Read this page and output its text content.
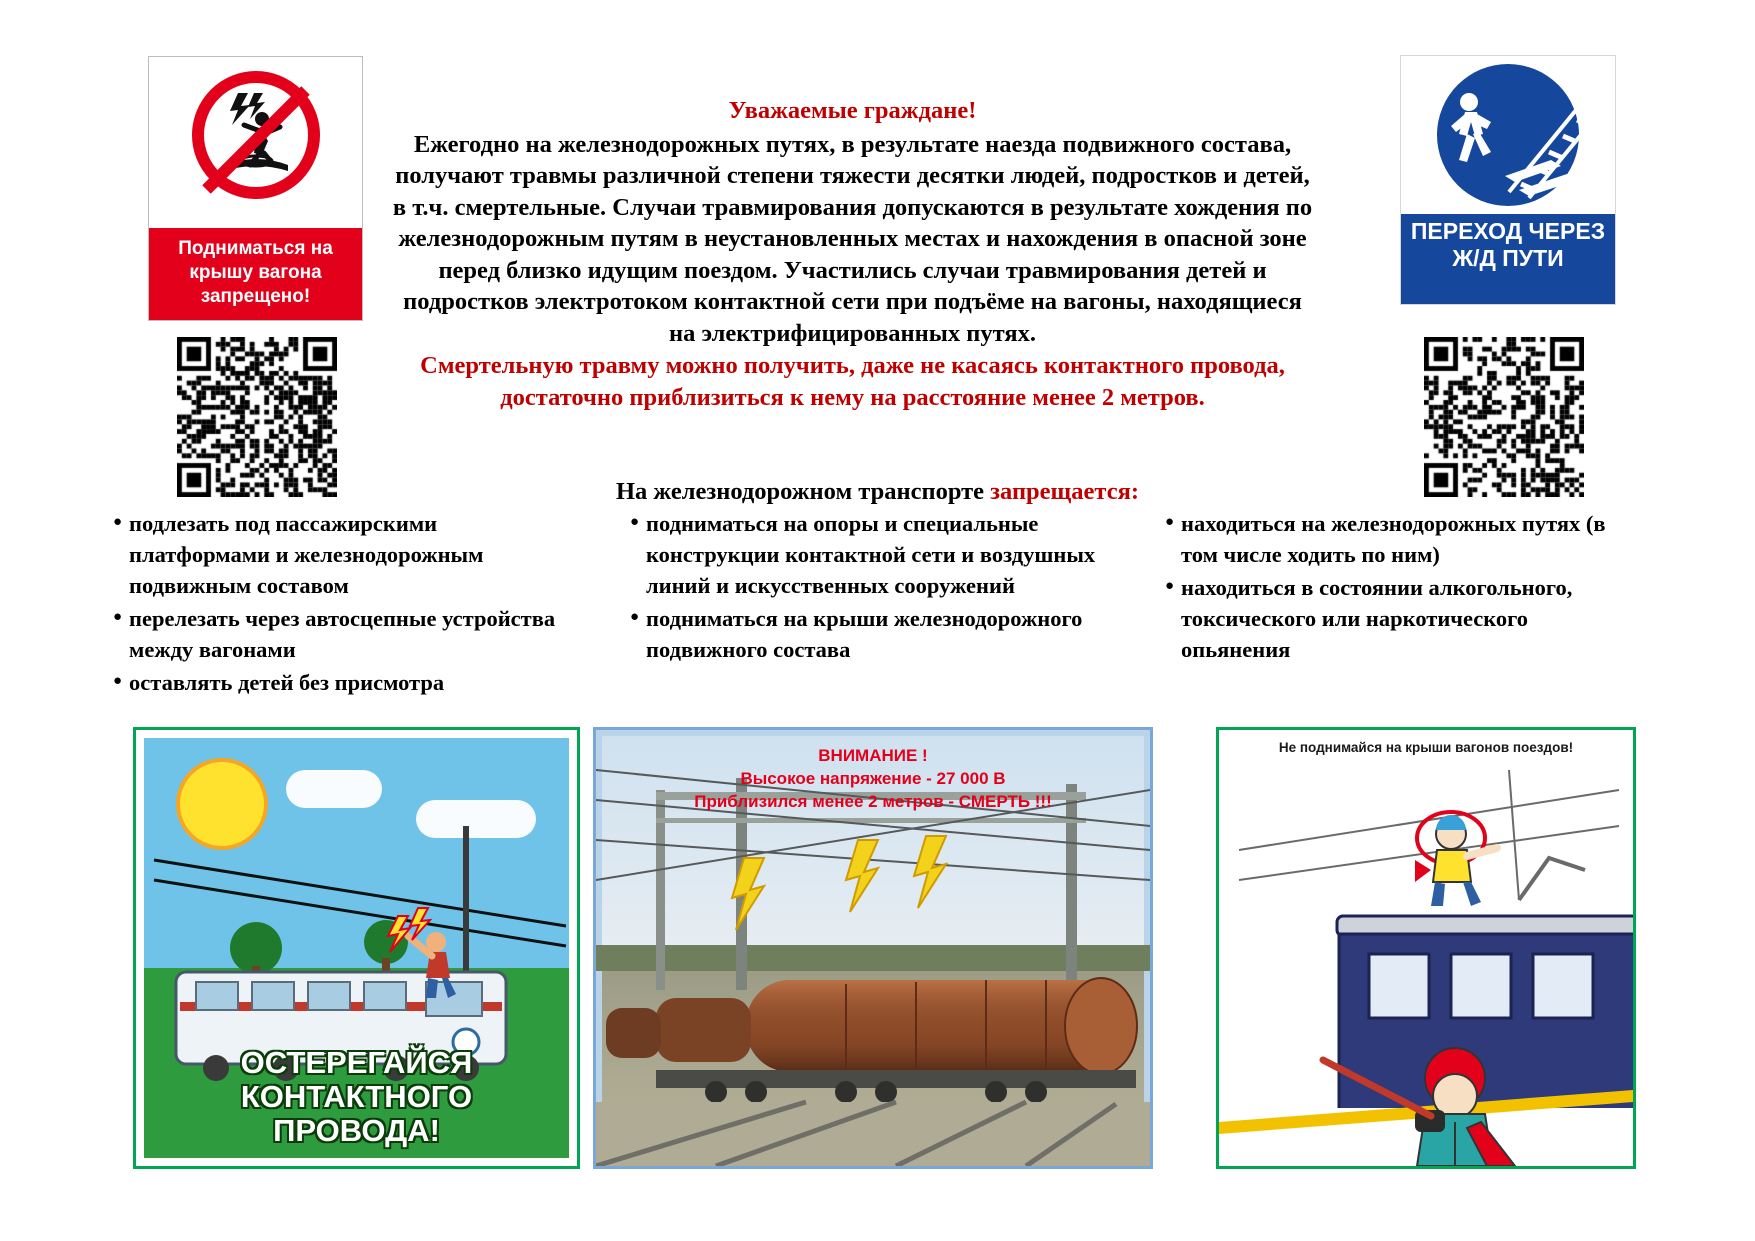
Подниматься на крышу вагона запрещено!
ПЕРЕХОД ЧЕРЕЗ Ж/Д ПУТИ
Уважаемые граждане!
Ежегодно на железнодорожных путях, в результате наезда подвижного состава, получают травмы различной степени тяжести десятки людей, подростков и детей, в т.ч. смертельные. Случаи травмирования допускаются в результате хождения по железнодорожным путям в неустановленных местах и нахождения в опасной зоне перед близко идущим поездом. Участились случаи травмирования детей и подростков электротоком контактной сети при подъёме на вагоны, находящиеся на электрифицированных путях.
Смертельную травму можно получить, даже не касаясь контактного провода, достаточно приблизиться к нему на расстояние менее 2 метров.
На железнодорожном транспорте запрещается:
● подлезать под пассажирскими платформами и железнодорожным подвижным составом
● перелезать через автосцепные устройства между вагонами
● оставлять детей без присмотра
● подниматься на опоры и специальные конструкции контактной сети и воздушных линий и искусственных сооружений
● подниматься на крыши железнодорожного подвижного состава
● находиться на железнодорожных путях (в том числе ходить по ним)
● находиться в состоянии алкогольного, токсического или наркотического опьянения
ОСТЕРЕГАЙСЯ КОНТАКТНОГО ПРОВОДА!
ВНИМАНИЕ !
Высокое напряжение - 27 000 В
Приблизился менее 2 метров - СМЕРТЬ !!!
Не поднимайся на крыши вагонов поездов!
